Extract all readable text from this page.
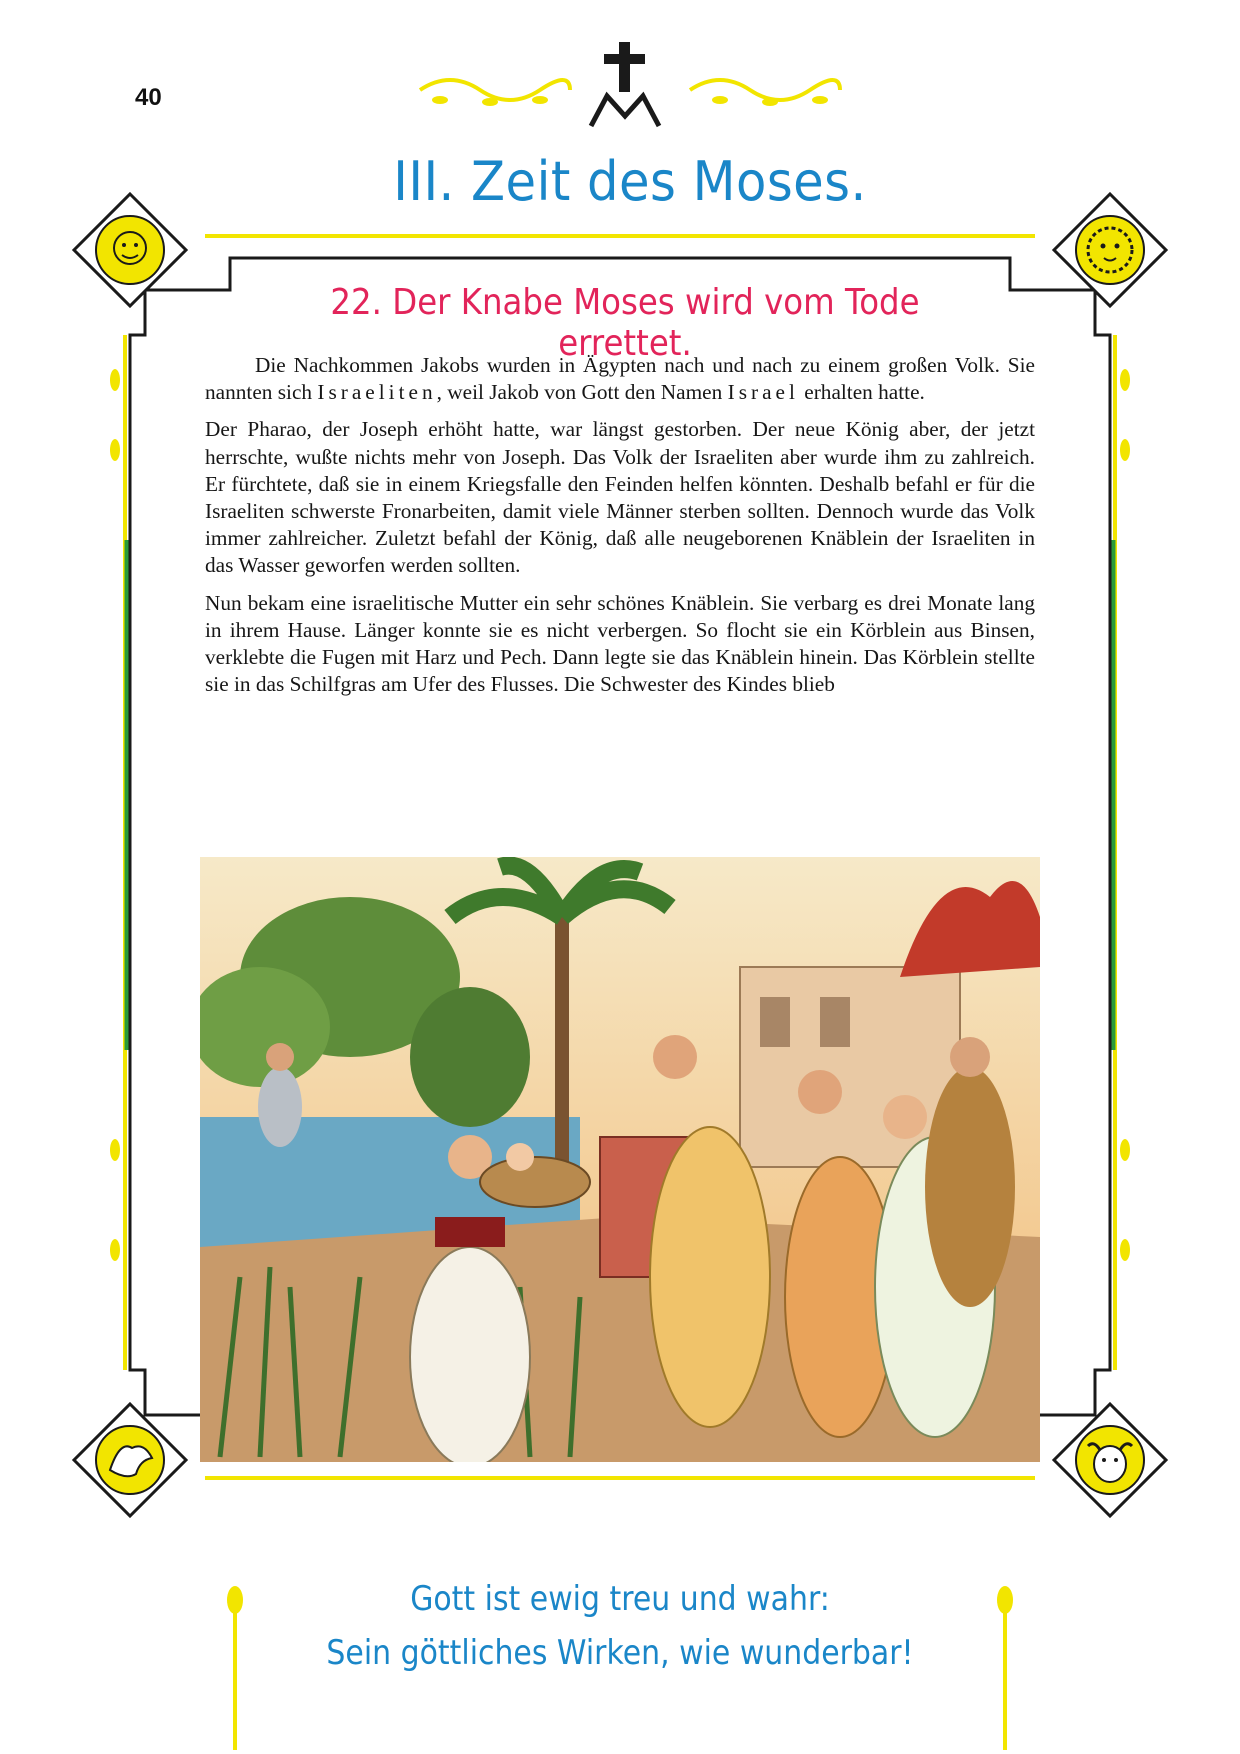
40
III. Zeit des Moses.
22. Der Knabe Moses wird vom Tode errettet.

Die Nachkommen Jakobs wurden in Ägypten nach und nach zu einem großen Volk. Sie nannten sich Israeliten, weil Jakob von Gott den Namen Israel erhalten hatte.

Der Pharao, der Joseph erhöht hatte, war längst gestorben. Der neue König aber, der jetzt herrschte, wußte nichts mehr von Joseph. Das Volk der Israeliten aber wurde ihm zu zahlreich. Er fürchtete, daß sie in einem Kriegsfalle den Feinden helfen könnten. Deshalb befahl er für die Israeliten schwerste Fronarbeiten, damit viele Männer sterben sollten. Dennoch wurde das Volk immer zahlreicher. Zuletzt befahl der König, daß alle neugeborenen Knäblein der Israeliten in das Wasser geworfen werden sollten.

Nun bekam eine israelitische Mutter ein sehr schönes Knäblein. Sie verbarg es drei Monate lang in ihrem Hause. Länger konnte sie es nicht verbergen. So flocht sie ein Körblein aus Binsen, verklebte die Fugen mit Harz und Pech. Dann legte sie das Knäblein hinein. Das Körblein stellte sie in das Schilfgras am Ufer des Flusses. Die Schwester des Kindes blieb

Gott ist ewig treu und wahr:
Sein göttliches Wirken, wie wunderbar!
